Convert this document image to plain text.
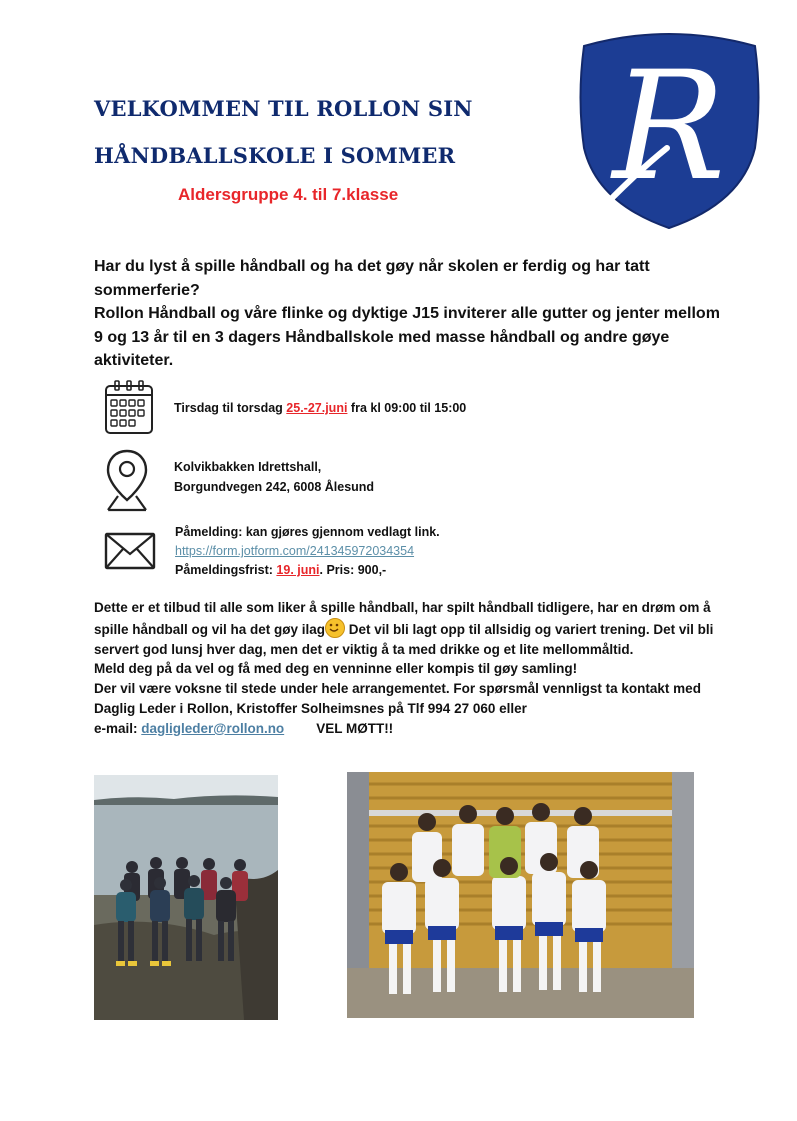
VELKOMMEN TIL ROLLON SIN
HÅNDBALLSKOLE I SOMMER
Aldersgruppe 4. til 7.klasse R

Har du lyst å spille håndball og ha det gøy når skolen er ferdig og har tatt sommerferie?

Rollon Håndball og våre flinke og dyktige J15 inviterer alle gutter og jenter mellom 9 og 13 år til en 3 dagers Håndballskole med masse håndball og andre gøye aktiviteter.

Tirsdag til torsdag 25.-27.juni fra kl 09:00 til 15:00
Kolvikbakken Idrettshall,
Borgundvegen 242, 6008 Ålesund
Påmelding: kan gjøres gjennom vedlagt link.
https://form.jotform.com/241345972034354
Påmeldingsfrist: 19. juni. Pris: 900,-

Dette er et tilbud til alle som liker å spille håndball, har spilt håndball tidligere, har en drøm om å spille håndball og vil ha det gøy ilag
Det vil bli lagt opp til allsidig og variert trening. Det vil bli servert god lunsj hver dag, men det er viktig å ta med drikke og et lite mellommåltid.

Meld deg på da vel og få med deg en venninne eller kompis til gøy samling!

Der vil være voksne til stede under hele arrangementet. For spørsmål vennligst ta kontakt med Daglig Leder i Rollon, Kristoffer Solheimsnes på Tlf 994 27 060 eller

e-mail: dagligleder@rollon.no VEL MØTT!!
